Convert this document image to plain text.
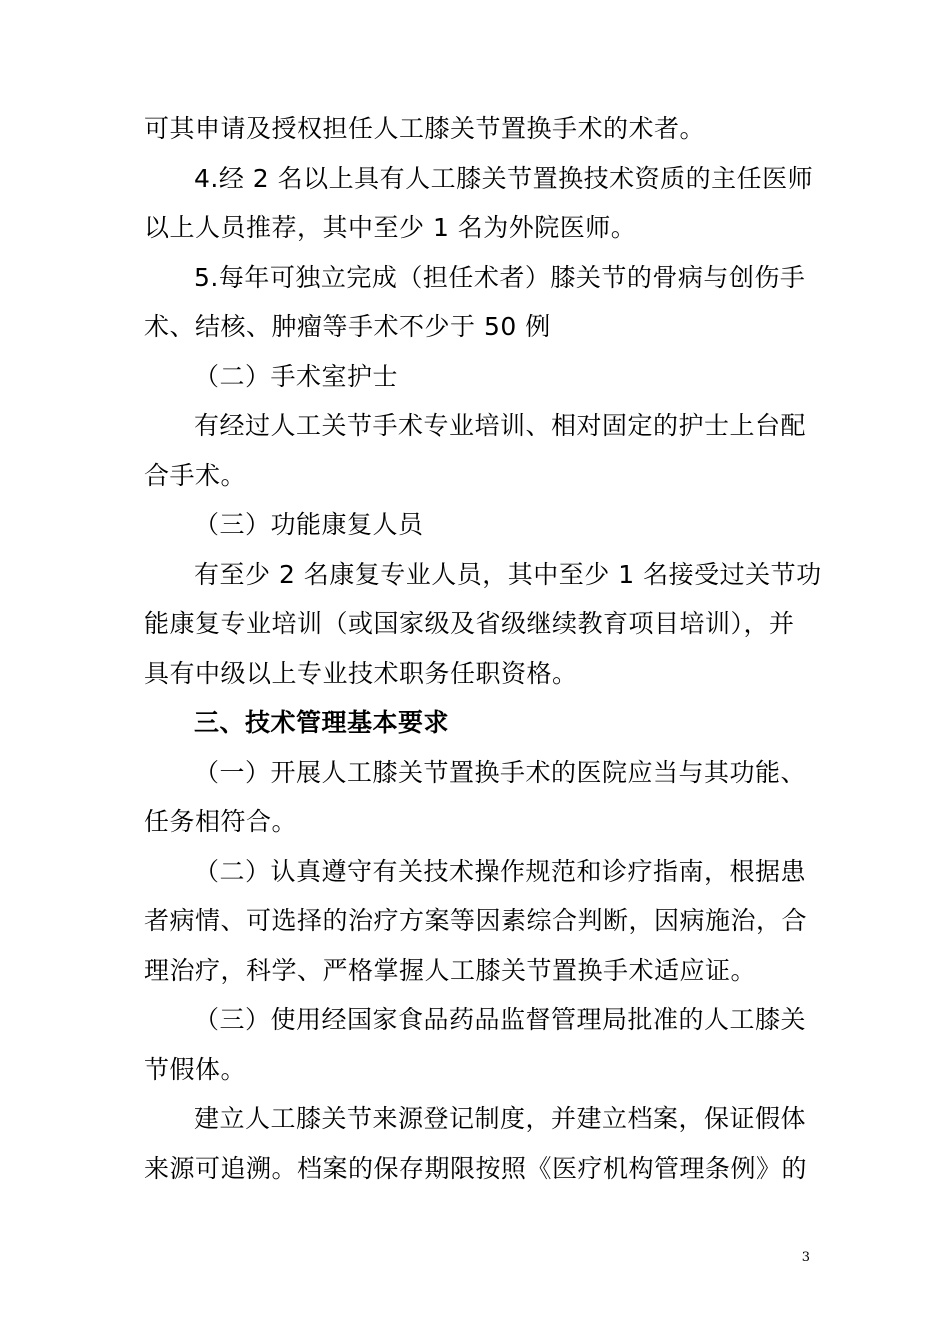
可其申请及授权担任人工膝关节置换手术的术者。
4.经 2 名以上具有人工膝关节置换技术资质的主任医师
以上人员推荐，其中至少 1 名为外院医师。
5.每年可独立完成（担任术者）膝关节的骨病与创伤手
术、结核、肿瘤等手术不少于 50 例
（二）手术室护士
有经过人工关节手术专业培训、相对固定的护士上台配
合手术。
（三）功能康复人员
有至少 2 名康复专业人员，其中至少 1 名接受过关节功
能康复专业培训（或国家级及省级继续教育项目培训），并
具有中级以上专业技术职务任职资格。
三、技术管理基本要求
（一）开展人工膝关节置换手术的医院应当与其功能、
任务相符合。
（二）认真遵守有关技术操作规范和诊疗指南，根据患
者病情、可选择的治疗方案等因素综合判断，因病施治，合
理治疗，科学、严格掌握人工膝关节置换手术适应证。
（三）使用经国家食品药品监督管理局批准的人工膝关
节假体。
建立人工膝关节来源登记制度，并建立档案，保证假体
来源可追溯。档案的保存期限按照《医疗机构管理条例》的
3
